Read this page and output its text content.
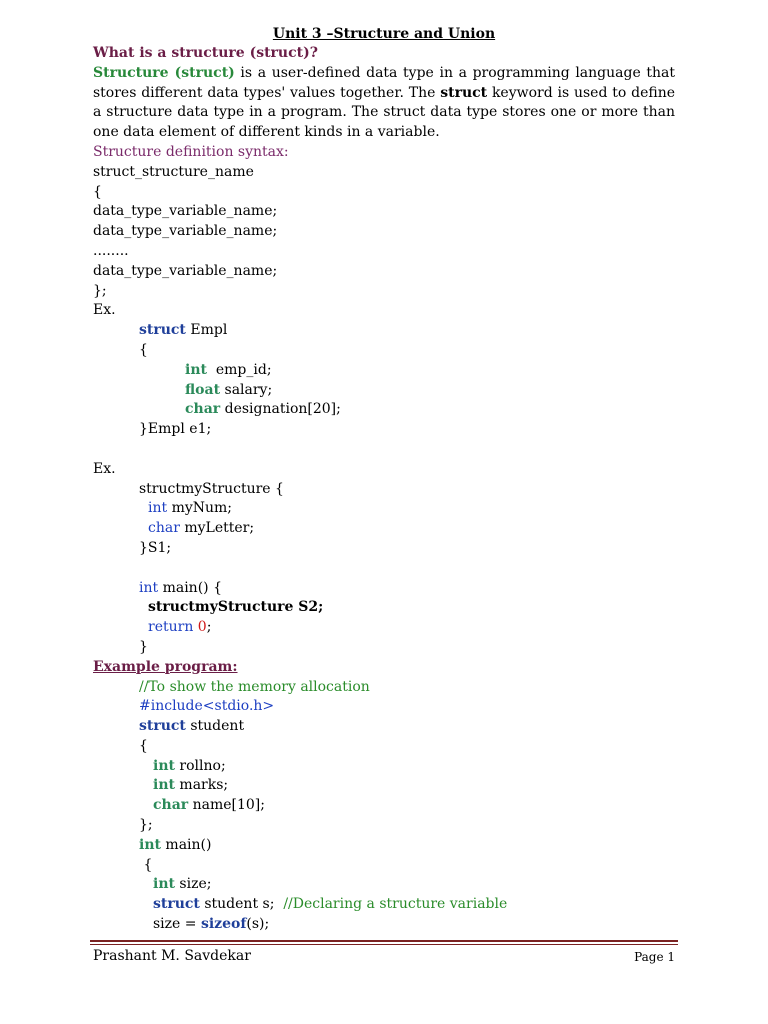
Unit 3 –Structure and Union
What is a structure (struct)?
Structure (struct) is a user-defined data type in a programming language that stores different data types' values together. The struct keyword is used to define a structure data type in a program. The struct data type stores one or more than one data element of different kinds in a variable.
Structure definition syntax:
struct_structure_name
{
data_type_variable_name;
data_type_variable_name;
........
data_type_variable_name;
};
Ex.
struct Empl
{
int  emp_id;
float salary;
char designation[20];
}Empl e1;
Ex.
structmyStructure {
int myNum;
char myLetter;
}S1;
int main() {
structmyStructure S2;
return 0;
}
Example program:
//To show the memory allocation
#include<stdio.h>
struct student
{
int rollno;
int marks;
char name[10];
};
int main()
{
int size;
struct student s;  //Declaring a structure variable
size = sizeof(s);
Prashant M. Savdekar	Page 1
